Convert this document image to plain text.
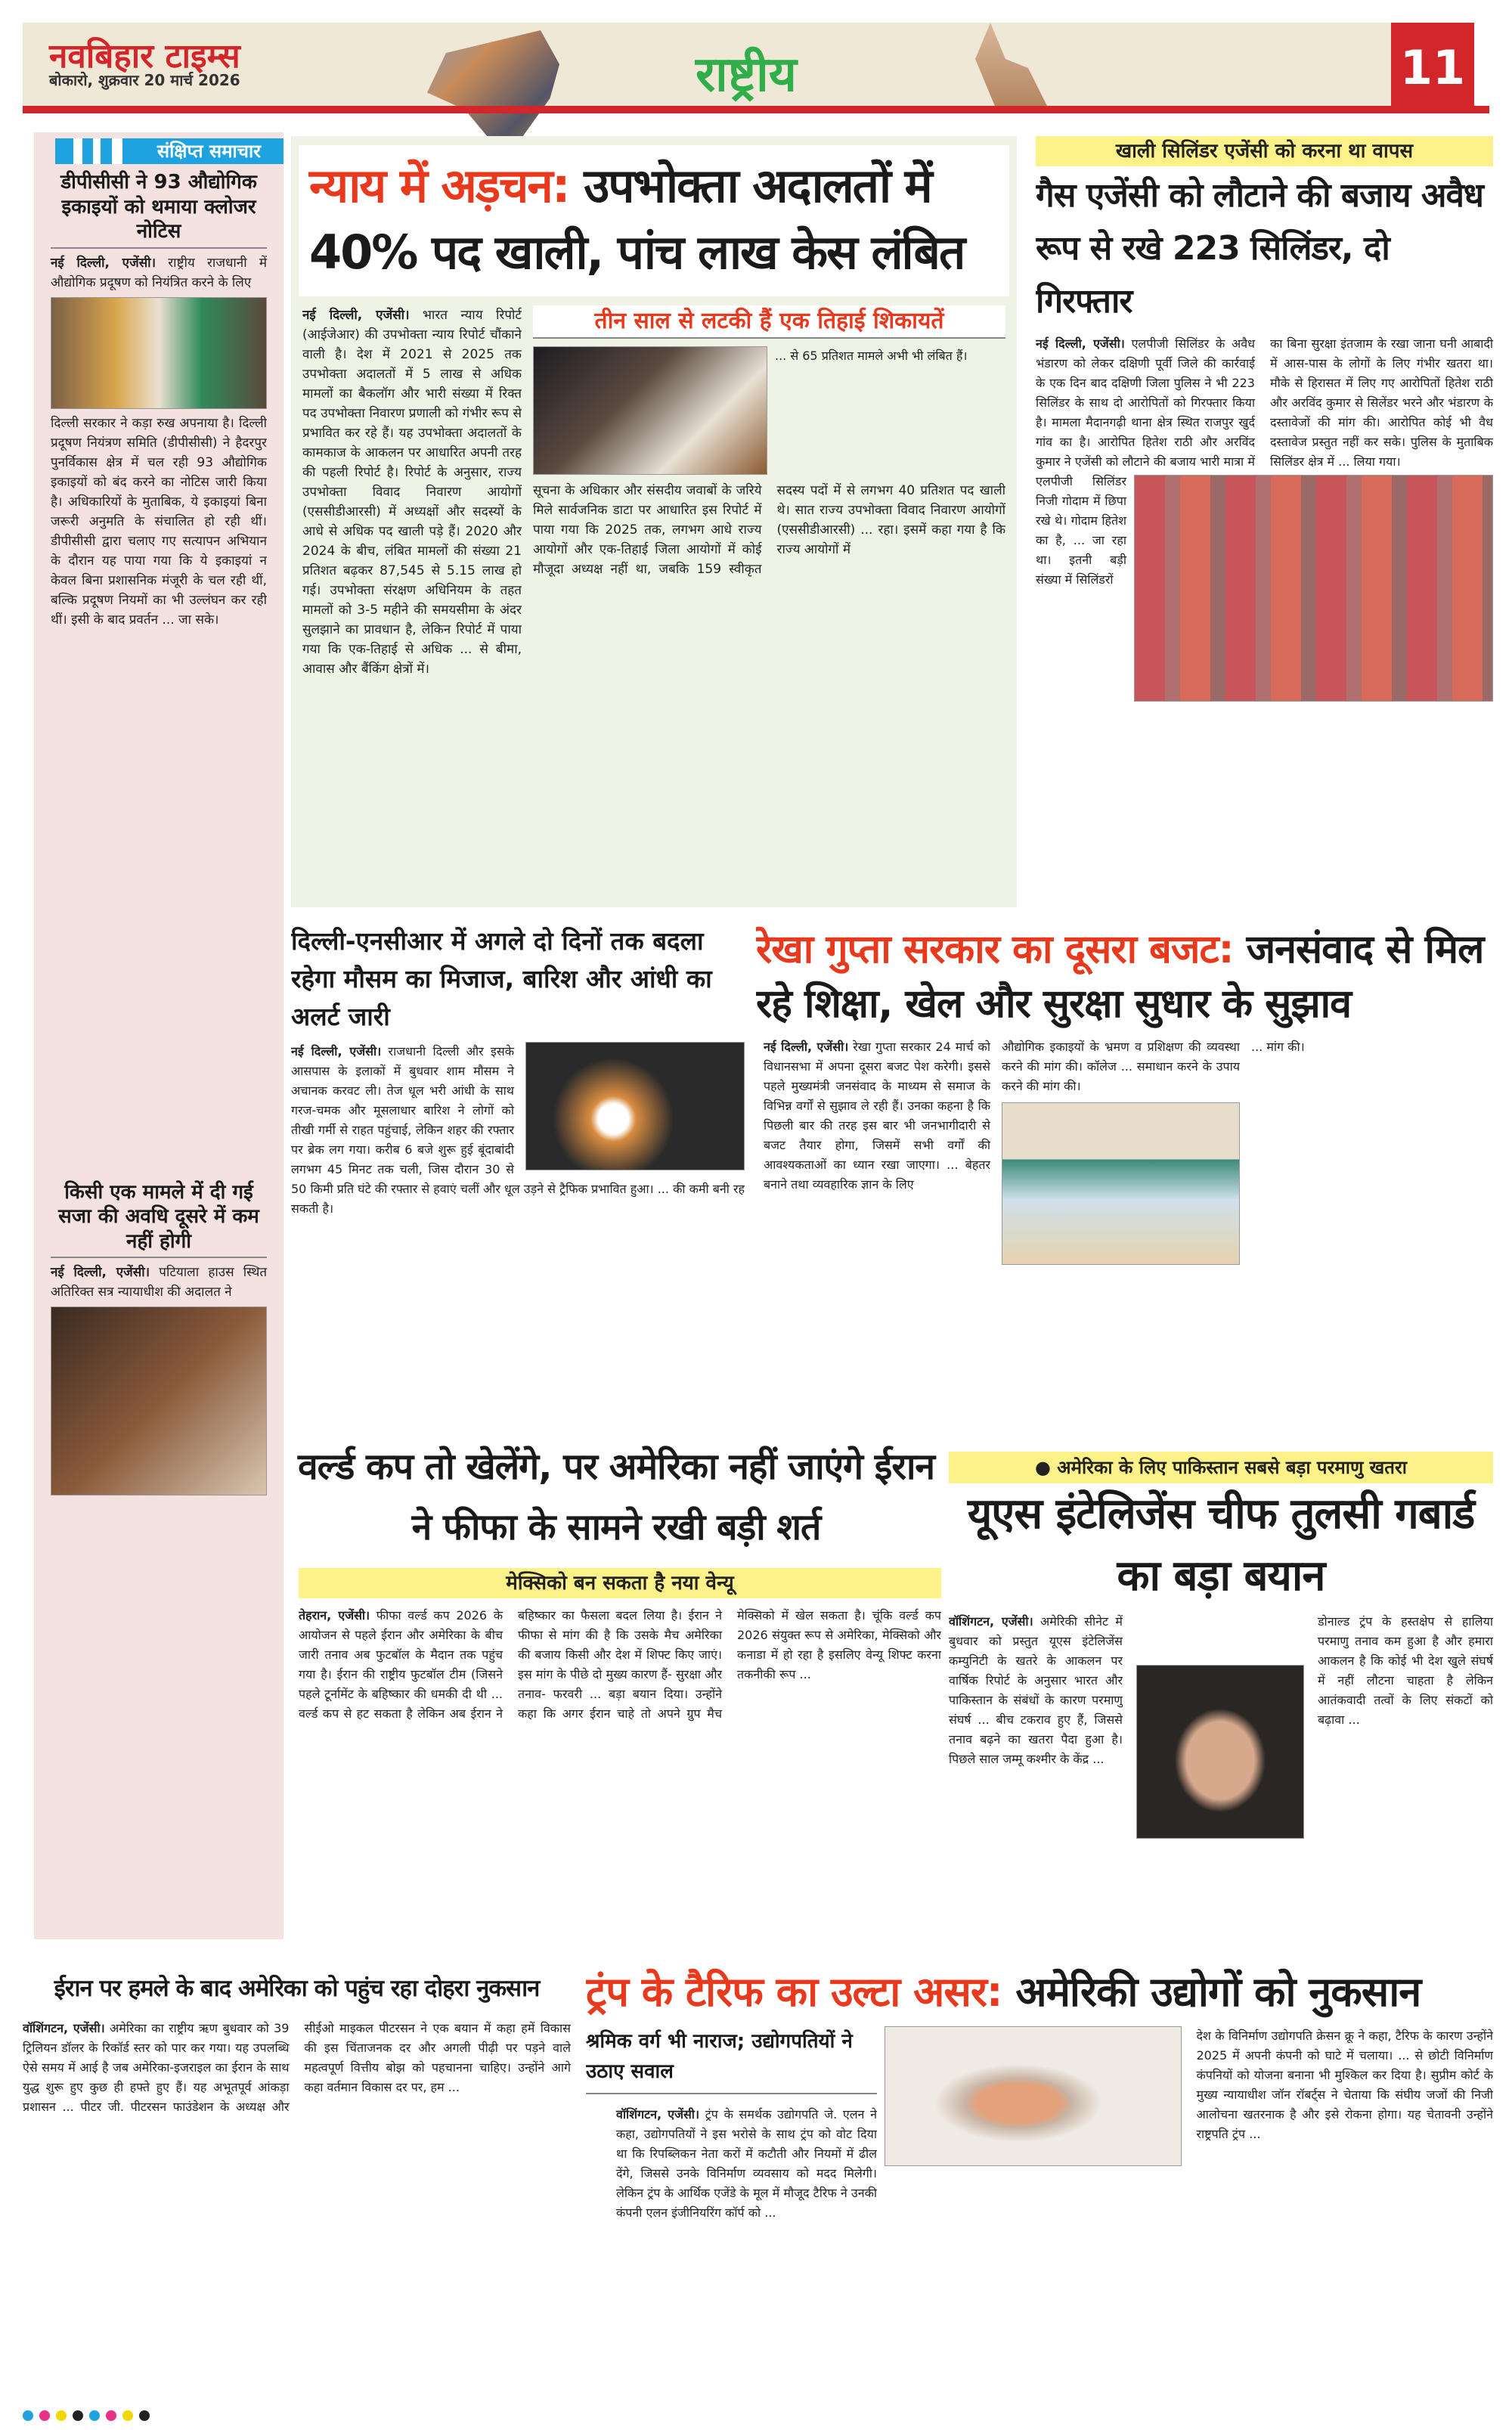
नवबिहार टाइम्स
बोकारो, शुक्रवार 20 मार्च 2026	राष्ट्रीय	11
संक्षिप्त समाचार
डीपीसीसी ने 93 औद्योगिक इकाइयों को थमाया क्लोजर नोटिस
नई दिल्ली, एजेंसी। राष्ट्रीय राजधानी में औद्योगिक प्रदूषण को नियंत्रित करने के लिए
दिल्ली सरकार ने कड़ा रुख अपनाया है। दिल्ली प्रदूषण नियंत्रण समिति (डीपीसीसी) ने हैदरपुर पुनर्विकास क्षेत्र में चल रही 93 औद्योगिक इकाइयों को बंद करने का नोटिस जारी किया है। अधिकारियों के मुताबिक, ये इकाइयां बिना जरूरी अनुमति के संचालित हो रही थीं। डीपीसीसी द्वारा चलाए गए सत्यापन अभियान के दौरान यह पाया गया कि ये इकाइयां न केवल बिना प्रशासनिक मंजूरी के चल रही थीं, बल्कि प्रदूषण नियमों का भी उल्लंघन कर रही थीं। इसी के बाद प्रवर्तन ... जा सके।
किसी एक मामले में दी गई सजा की अवधि दूसरे में कम नहीं होगी
नई दिल्ली, एजेंसी। पटियाला हाउस स्थित अतिरिक्त सत्र न्यायाधीश की अदालत ने
न्याय में अड़चन: उपभोक्ता अदालतों में 40% पद खाली, पांच लाख केस लंबित
नई दिल्ली, एजेंसी। भारत न्याय रिपोर्ट (आईजेआर) की उपभोक्ता न्याय रिपोर्ट चौंकाने वाली है। देश में 2021 से 2025 तक उपभोक्ता अदालतों में 5 लाख से अधिक मामलों का बैकलॉग और भारी संख्या में रिक्त पद उपभोक्ता निवारण प्रणाली को गंभीर रूप से प्रभावित कर रहे हैं। यह उपभोक्ता अदालतों के कामकाज के आकलन पर आधारित अपनी तरह की पहली रिपोर्ट है। रिपोर्ट के अनुसार, राज्य उपभोक्ता विवाद निवारण आयोगों (एससीडीआरसी) में अध्यक्षों और सदस्यों के आधे से अधिक पद खाली पड़े हैं। 2020 और 2024 के बीच, लंबित मामलों की संख्या 21 प्रतिशत बढ़कर 87,545 से 5.15 लाख हो गई। उपभोक्ता संरक्षण अधिनियम के तहत मामलों को 3-5 महीने की समयसीमा के अंदर सुलझाने का प्रावधान है, लेकिन रिपोर्ट में पाया गया कि एक-तिहाई से अधिक ... से बीमा, आवास और बैंकिंग क्षेत्रों में।
तीन साल से लटकी हैं एक तिहाई शिकायतें
... से 65 प्रतिशत मामले अभी भी लंबित हैं।
सूचना के अधिकार और संसदीय जवाबों के जरिये मिले सार्वजनिक डाटा पर आधारित इस रिपोर्ट में पाया गया कि 2025 तक, लगभग आधे राज्य आयोगों और एक-तिहाई जिला आयोगों में कोई मौजूदा अध्यक्ष नहीं था, जबकि 159 स्वीकृत सदस्य पदों में से लगभग 40 प्रतिशत पद खाली थे। सात राज्य उपभोक्ता विवाद निवारण आयोगों (एससीडीआरसी) ... रहा। इसमें कहा गया है कि राज्य आयोगों में
खाली सिलिंडर एजेंसी को करना था वापस
गैस एजेंसी को लौटाने की बजाय अवैध रूप से रखे 223 सिलिंडर, दो गिरफ्तार
नई दिल्ली, एजेंसी। एलपीजी सिलिंडर के अवैध भंडारण को लेकर दक्षिणी पूर्वी जिले की कार्रवाई के एक दिन बाद दक्षिणी जिला पुलिस ने भी 223 सिलिंडर के साथ दो आरोपितों को गिरफ्तार किया है। मामला मैदानगढ़ी थाना क्षेत्र स्थित राजपुर खुर्द गांव का है। आरोपित हितेश राठी और अरविंद कुमार ने एजेंसी को लौटाने की बजाय भारी मात्रा में एलपीजी सिलिंडर निजी गोदाम में छिपा रखे थे। गोदाम हितेश का है, ... जा रहा था। इतनी बड़ी संख्या में सिलिंडरों
का बिना सुरक्षा इंतजाम के रखा जाना घनी आबादी में आस-पास के लोगों के लिए गंभीर खतरा था। मौके से हिरासत में लिए गए आरोपितों हितेश राठी और अरविंद कुमार से सिलेंडर भरने और भंडारण के दस्तावेजों की मांग की। आरोपित कोई भी वैध दस्तावेज प्रस्तुत नहीं कर सके। पुलिस के मुताबिक सिलिंडर क्षेत्र में ... लिया गया।
दिल्ली-एनसीआर में अगले दो दिनों तक बदला रहेगा मौसम का मिजाज, बारिश और आंधी का अलर्ट जारी
नई दिल्ली, एजेंसी। राजधानी दिल्ली और इसके आसपास के इलाकों में बुधवार शाम मौसम ने अचानक करवट ली। तेज धूल भरी आंधी के साथ गरज-चमक और मूसलाधार बारिश ने लोगों को तीखी गर्मी से राहत पहुंचाई, लेकिन शहर की रफ्तार पर ब्रेक लग गया। करीब 6 बजे शुरू हुई बूंदाबांदी लगभग 45 मिनट तक चली, जिस दौरान 30 से 50 किमी प्रति घंटे की रफ्तार से हवाएं चलीं और धूल उड़ने से ट्रैफिक प्रभावित हुआ। ... की कमी बनी रह सकती है।
रेखा गुप्ता सरकार का दूसरा बजट: जनसंवाद से मिल रहे शिक्षा, खेल और सुरक्षा सुधार के सुझाव
नई दिल्ली, एजेंसी। रेखा गुप्ता सरकार 24 मार्च को विधानसभा में अपना दूसरा बजट पेश करेगी। इससे पहले मुख्यमंत्री जनसंवाद के माध्यम से समाज के विभिन्न वर्गों से सुझाव ले रही हैं। उनका कहना है कि पिछली बार की तरह इस बार भी जनभागीदारी से बजट तैयार होगा, जिसमें सभी वर्गों की आवश्यकताओं का ध्यान रखा जाएगा। ... बेहतर बनाने तथा व्यवहारिक ज्ञान के लिए
औद्योगिक इकाइयों के भ्रमण व प्रशिक्षण की व्यवस्था करने की मांग की। कॉलेज ... समाधान करने के उपाय करने की मांग की।
... मांग की।
वर्ल्ड कप तो खेलेंगे, पर अमेरिका नहीं जाएंगे ईरान ने फीफा के सामने रखी बड़ी शर्त
मेक्सिको बन सकता है नया वेन्यू
तेहरान, एजेंसी। फीफा वर्ल्ड कप 2026 के आयोजन से पहले ईरान और अमेरिका के बीच जारी तनाव अब फुटबॉल के मैदान तक पहुंच गया है। ईरान की राष्ट्रीय फुटबॉल टीम (जिसने पहले टूर्नामेंट के बहिष्कार की धमकी दी थी ... वर्ल्ड कप से हट सकता है लेकिन अब ईरान ने बहिष्कार का फैसला बदल लिया है। ईरान ने फीफा से मांग की है कि उसके मैच अमेरिका की बजाय किसी और देश में शिफ्ट किए जाएं। इस मांग के पीछे दो मुख्य कारण हैं- सुरक्षा और तनाव- फरवरी ... बड़ा बयान दिया। उन्होंने कहा कि अगर ईरान चाहे तो अपने ग्रुप मैच मेक्सिको में खेल सकता है। चूंकि वर्ल्ड कप 2026 संयुक्त रूप से अमेरिका, मेक्सिको और कनाडा में हो रहा है इसलिए वेन्यू शिफ्ट करना तकनीकी रूप ...
● अमेरिका के लिए पाकिस्तान सबसे बड़ा परमाणु खतरा
यूएस इंटेलिजेंस चीफ तुलसी गबार्ड का बड़ा बयान
वॉशिंगटन, एजेंसी। अमेरिकी सीनेट में बुधवार को प्रस्तुत यूएस इंटेलिजेंस कम्युनिटी के खतरे के आकलन पर वार्षिक रिपोर्ट के अनुसार भारत और पाकिस्तान के संबंधों के कारण परमाणु संघर्ष ... बीच टकराव हुए हैं, जिससे तनाव बढ़ने का खतरा पैदा हुआ है। पिछले साल जम्मू कश्मीर के केंद्र ...
डोनाल्ड ट्रंप के हस्तक्षेप से हालिया परमाणु तनाव कम हुआ है और हमारा आकलन है कि कोई भी देश खुले संघर्ष में नहीं लौटना चाहता है लेकिन आतंकवादी तत्वों के लिए संकटों को बढ़ावा ...
ईरान पर हमले के बाद अमेरिका को पहुंच रहा दोहरा नुकसान
वॉशिंगटन, एजेंसी। अमेरिका का राष्ट्रीय ऋण बुधवार को 39 ट्रिलियन डॉलर के रिकॉर्ड स्तर को पार कर गया। यह उपलब्धि ऐसे समय में आई है जब अमेरिका-इजराइल का ईरान के साथ युद्ध शुरू हुए कुछ ही हफ्ते हुए हैं। यह अभूतपूर्व आंकड़ा प्रशासन ... पीटर जी. पीटरसन फाउंडेशन के अध्यक्ष और सीईओ माइकल पीटरसन ने एक बयान में कहा हमें विकास की इस चिंताजनक दर और अगली पीढ़ी पर पड़ने वाले महत्वपूर्ण वित्तीय बोझ को पहचानना चाहिए। उन्होंने आगे कहा वर्तमान विकास दर पर, हम ...
ट्रंप के टैरिफ का उल्टा असर: अमेरिकी उद्योगों को नुकसान
श्रमिक वर्ग भी नाराज; उद्योगपतियों ने उठाए सवाल
वॉशिंगटन, एजेंसी। ट्रंप के समर्थक उद्योगपति जे. एलन ने कहा, उद्योगपतियों ने इस भरोसे के साथ ट्रंप को वोट दिया था कि रिपब्लिकन नेता करों में कटौती और नियमों में ढील देंगे, जिससे उनके विनिर्माण व्यवसाय को मदद मिलेगी। लेकिन ट्रंप के आर्थिक एजेंडे के मूल में मौजूद टैरिफ ने उनकी कंपनी एलन इंजीनियरिंग कॉर्प को ...
देश के विनिर्माण उद्योगपति क्रेसन क्रू ने कहा, टैरिफ के कारण उन्होंने 2025 में अपनी कंपनी को घाटे में चलाया। ... से छोटी विनिर्माण कंपनियों को योजना बनाना भी मुश्किल कर दिया है। सुप्रीम कोर्ट के मुख्य न्यायाधीश जॉन रॉबर्ट्स ने चेताया कि संघीय जजों की निजी आलोचना खतरनाक है और इसे रोकना होगा। यह चेतावनी उन्होंने राष्ट्रपति ट्रंप ...
